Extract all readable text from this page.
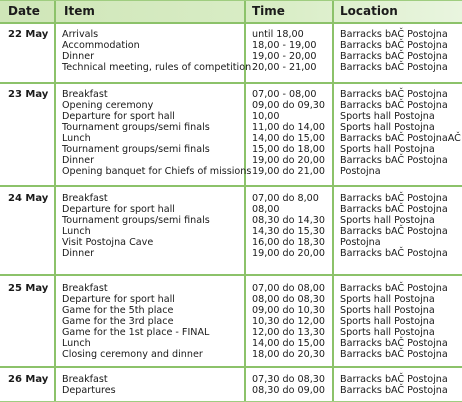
Date Item	Time	Location
22 May Arrivals	until 18,00	Barracks bAČ Postojna
Accommodation	18,00 - 19,00 Barracks bAČ Postojna
Dinner	19,00 - 20,00 Barracks bAČ Postojna
Technical meeting, rules of competition 20,00 - 21,00 Barracks bAČ Postojna
23 May Breakfast	07,00 - 08,00 Barracks bAČ Postojna
Opening ceremony	09,00 do 09,30 Barracks bAČ Postojna
Departure for sport hall	10,00	Sports hall Postojna
Tournament groups/semi finals	11,00 do 14,00 Sports hall Postojna
Lunch	14,00 do 15,00 Barracks bAČ PostojnaAČ
Tournament groups/semi finals	15,00 do 18,00 Sports hall Postojna
Dinner	19,00 do 20,00 Barracks bAČ Postojna
Opening banquet for Chiefs of missions 19,00 do 21,00 Postojna
24 May Breakfast	07,00 do 8,00 Barracks bAČ Postojna
Departure for sport hall	08,00	Barracks bAČ Postojna
Tournament groups/semi finals	08,30 do 14,30 Sports hall Postojna
Lunch	14,30 do 15,30 Barracks bAČ Postojna
Visit Postojna Cave	16,00 do 18,30 Postojna
Dinner	19,00 do 20,00 Barracks bAČ Postojna
25 May Breakfast	07,00 do 08,00 Barracks bAČ Postojna
Departure for sport hall	08,00 do 08,30 Sports hall Postojna
Game for the 5th place	09,00 do 10,30 Sports hall Postojna
Game for the 3rd place	10,30 do 12,00 Sports hall Postojna
Game for the 1st place - FINAL	12,00 do 13,30 Sports hall Postojna
Lunch	14,00 do 15,00 Barracks bAČ Postojna
Closing ceremony and dinner	18,00 do 20,30 Barracks bAČ Postojna
26 May Breakfast	07,30 do 08,30 Barracks bAČ Postojna
Departures	08,30 do 09,00 Barracks bAČ Postojna
